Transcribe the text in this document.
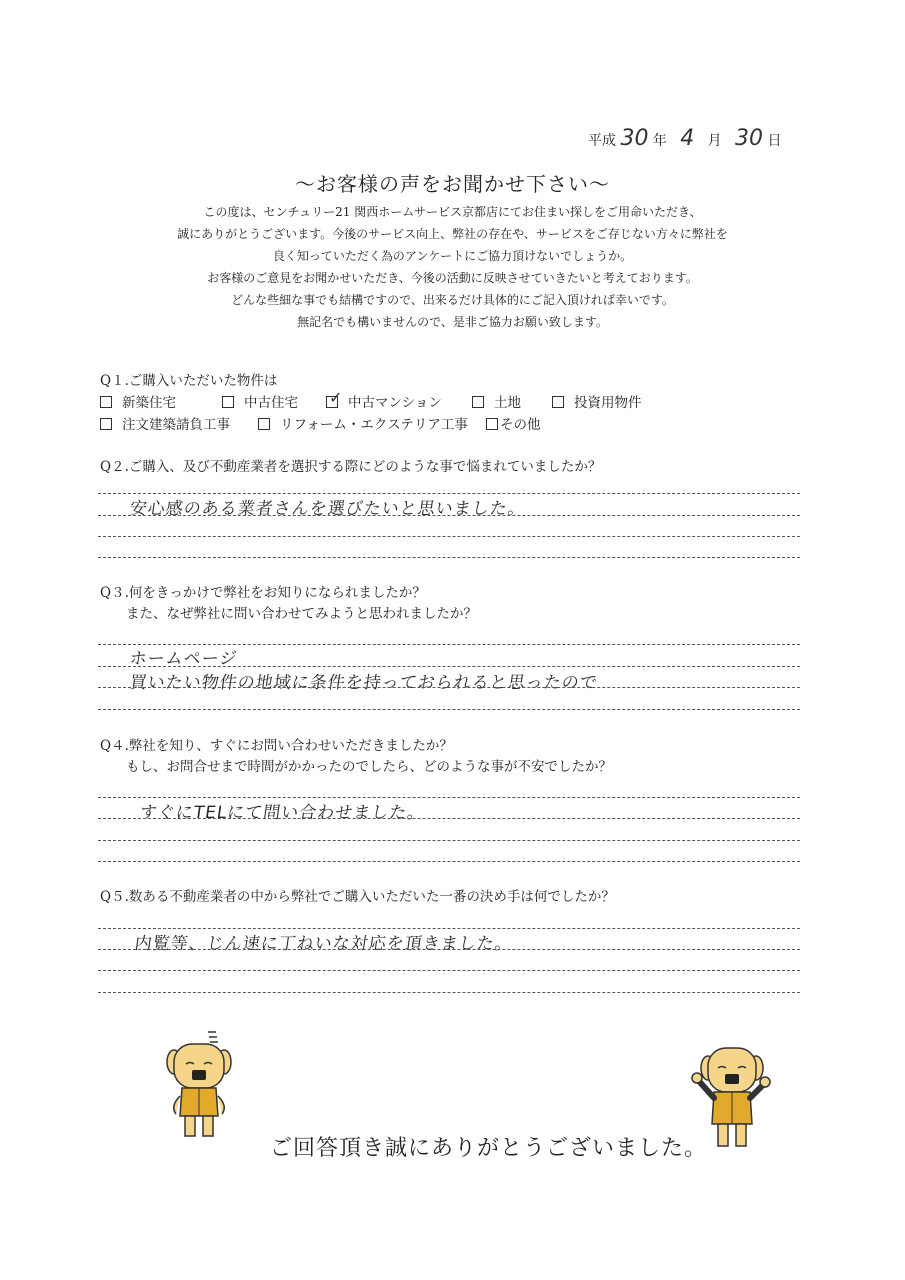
平成 30 年 4 月 30 日
～お客様の声をお聞かせ下さい～
この度は、センチュリー21 関西ホームサービス京都店にてお住まい探しをご用命いただき、
誠にありがとうございます。今後のサービス向上、弊社の存在や、サービスをご存じない方々に弊社を
良く知っていただく為のアンケートにご協力頂けないでしょうか。
お客様のご意見をお聞かせいただき、今後の活動に反映させていきたいと考えております。
どんな些細な事でも結構ですので、出来るだけ具体的にご記入頂ければ幸いです。
無記名でも構いませんので、是非ご協力お願い致します。
Q１.ご購入いただいた物件は
新築住宅	中古住宅 ✓ 中古マンション	土地	投資用物件
注文建築請負工事	リフォーム・エクステリア工事	その他
Q２.ご購入、及び不動産業者を選択する際にどのような事で悩まれていましたか？
安心感のある業者さんを選びたいと思いました。
Q３.何をきっかけで弊社をお知りになられましたか？
また、なぜ弊社に問い合わせてみようと思われましたか？
ホームページ
買いたい物件の地域に条件を持っておられると思ったので
Q４.弊社を知り、すぐにお問い合わせいただきましたか？
もし、お問合せまで時間がかかったのでしたら、どのような事が不安でしたか？
すぐにTELにて問い合わせました。
Q５.数ある不動産業者の中から弊社でご購入いただいた一番の決め手は何でしたか？
内覧等、じん速に丁ねいな対応を頂きました。
ご回答頂き誠にありがとうございました。
